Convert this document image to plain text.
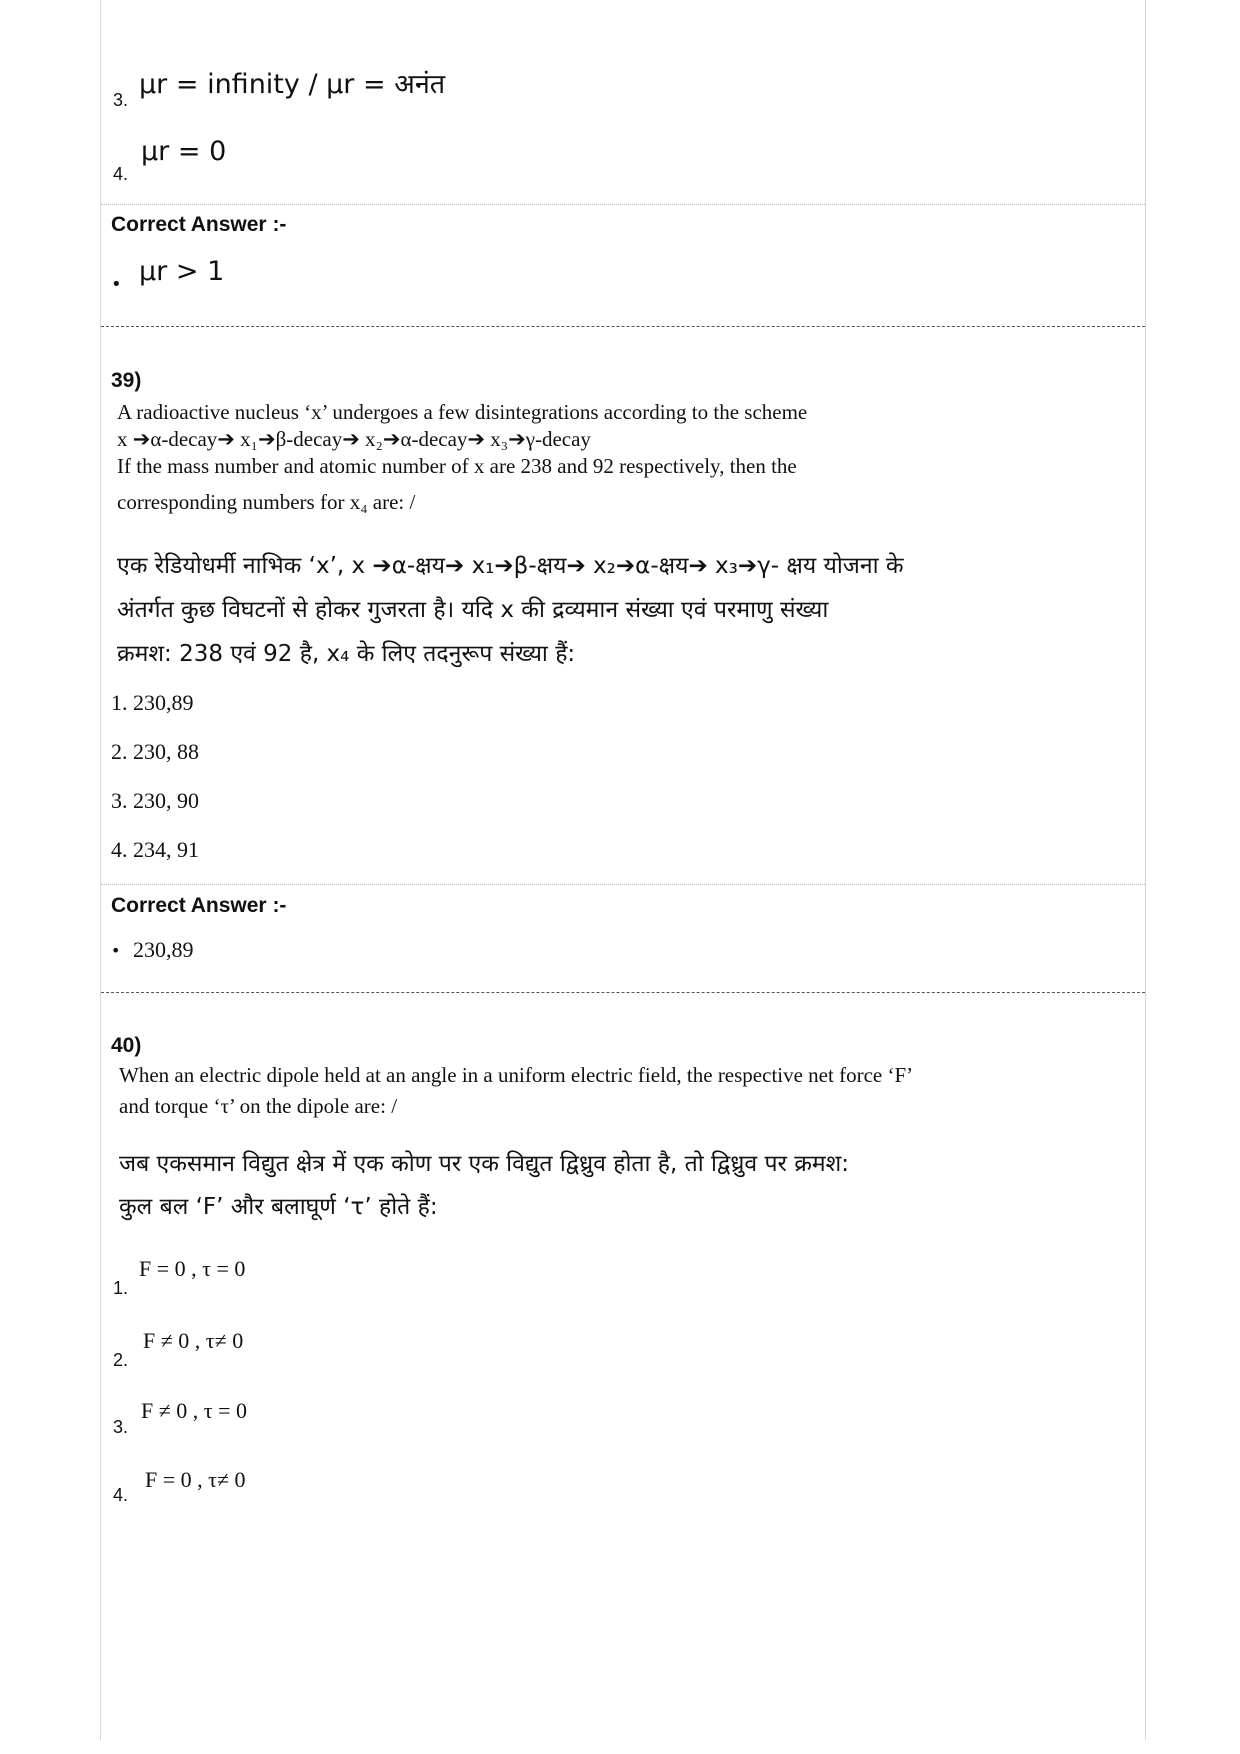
3. μr = infinity / μr = अनंत
4.
μr = 0
Correct Answer :-
• μr > 1
39)
A radioactive nucleus ‘x’ undergoes a few disintegrations according to the scheme
x ➔α-decay➔ x₁➔β-decay➔ x₂➔α-decay➔ x₃➔γ-decay
If the mass number and atomic number of x are 238 and 92 respectively, then the
corresponding numbers for x₄ are: /
एक रेडियोधर्मी नाभिक ‘x’, x ➔α-क्षय➔ x₁➔β-क्षय➔ x₂➔α-क्षय➔ x₃➔γ- क्षय योजना के
अंतर्गत कुछ विघटनों से होकर गुजरता है। यदि x की द्रव्यमान संख्या एवं परमाणु संख्या
क्रमश: 238 एवं 92 है, x₄ के लिए तदनुरूप संख्या हैं:
1. 230,89
2. 230, 88
3. 230, 90
4. 234, 91
Correct Answer :-
• 230,89
40)
When an electric dipole held at an angle in a uniform electric field, the respective net force ‘F’
and torque ‘τ’ on the dipole are: /
जब एकसमान विद्युत क्षेत्र में एक कोण पर एक विद्युत द्विध्रुव होता है, तो द्विध्रुव पर क्रमश:
कुल बल ‘F’ और बलाघूर्ण ‘τ’ होते हैं:
1.
F = 0 , τ = 0
2.
F ≠ 0 , τ≠ 0
3.
F ≠ 0 , τ = 0
4.
F = 0 , τ≠ 0
